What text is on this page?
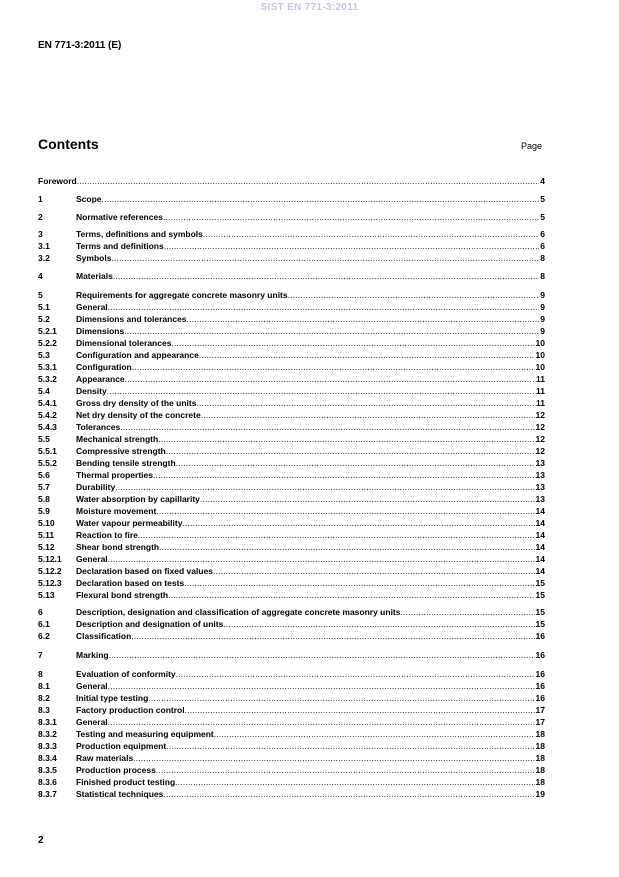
SIST EN 771-3:2011
EN 771-3:2011 (E)
Contents	Page
Foreword .....	4
1	Scope .....	5
2	Normative references .....	5
3	Terms, definitions and symbols .....	6
3.1	Terms and definitions .....	6
3.2	Symbols .....	8
4	Materials .....	8
5	Requirements for aggregate concrete masonry units .....	9
5.1	General .....	9
5.2	Dimensions and tolerances .....	9
5.2.1	Dimensions .....	9
5.2.2	Dimensional tolerances .....	10
5.3	Configuration and appearance .....	10
5.3.1	Configuration .....	10
5.3.2	Appearance .....	11
5.4	Density .....	11
5.4.1	Gross dry density of the units .....	11
5.4.2	Net dry density of the concrete .....	12
5.4.3	Tolerances .....	12
5.5	Mechanical strength .....	12
5.5.1	Compressive strength .....	12
5.5.2	Bending tensile strength .....	13
5.6	Thermal properties .....	13
5.7	Durability .....	13
5.8	Water absorption by capillarity .....	13
5.9	Moisture movement .....	14
5.10	Water vapour permeability .....	14
5.11	Reaction to fire .....	14
5.12	Shear bond strength .....	14
5.12.1	General .....	14
5.12.2	Declaration based on fixed values .....	14
5.12.3	Declaration based on tests .....	15
5.13	Flexural bond strength .....	15
6	Description, designation and classification of aggregate concrete masonry units .....	15
6.1	Description and designation of units .....	15
6.2	Classification .....	16
7	Marking .....	16
8	Evaluation of conformity .....	16
8.1	General .....	16
8.2	Initial type testing .....	16
8.3	Factory production control .....	17
8.3.1	General .....	17
8.3.2	Testing and measuring equipment .....	18
8.3.3	Production equipment .....	18
8.3.4	Raw materials .....	18
8.3.5	Production process .....	18
8.3.6	Finished product testing .....	18
8.3.7	Statistical techniques .....	19
2
